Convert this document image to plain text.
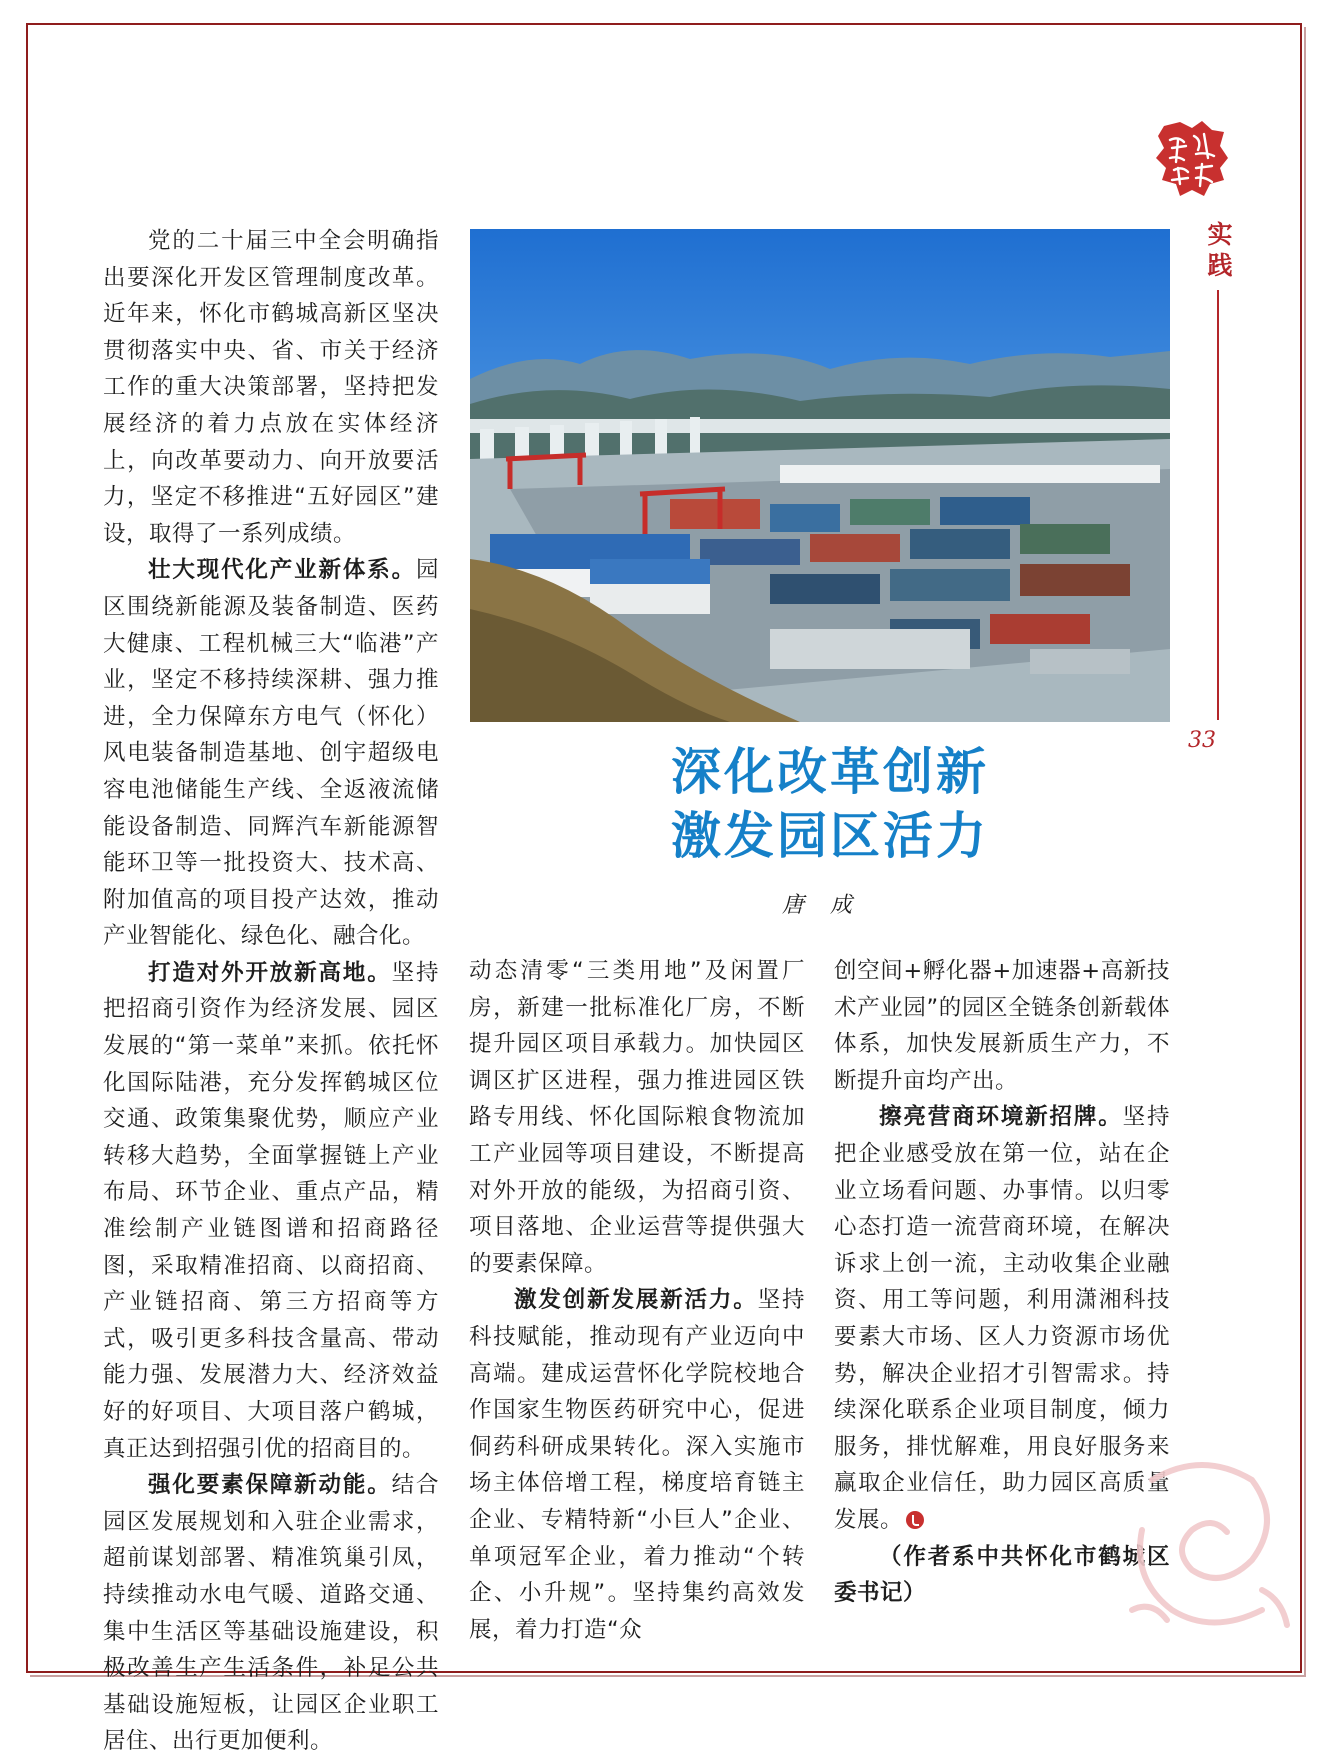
实践
33
深化改革创新
激发园区活力
唐成

党的二十届三中全会明确指出要深化开发区管理制度改革。近年来，怀化市鹤城高新区坚决贯彻落实中央、省、市关于经济工作的重大决策部署，坚持把发展经济的着力点放在实体经济上，向改革要动力、向开放要活力，坚定不移推进“五好园区”建设，取得了一系列成绩。

壮大现代化产业新体系。园区围绕新能源及装备制造、医药大健康、工程机械三大“临港”产业，坚定不移持续深耕、强力推进，全力保障东方电气（怀化）风电装备制造基地、创宇超级电容电池储能生产线、全返液流储能设备制造、同辉汽车新能源智能环卫等一批投资大、技术高、附加值高的项目投产达效，推动产业智能化、绿色化、融合化。

打造对外开放新高地。坚持把招商引资作为经济发展、园区发展的“第一菜单”来抓。依托怀化国际陆港，充分发挥鹤城区位交通、政策集聚优势，顺应产业转移大趋势，全面掌握链上产业布局、环节企业、重点产品，精准绘制产业链图谱和招商路径图，采取精准招商、以商招商、产业链招商、第三方招商等方式，吸引更多科技含量高、带动能力强、发展潜力大、经济效益好的好项目、大项目落户鹤城，真正达到招强引优的招商目的。

强化要素保障新动能。结合园区发展规划和入驻企业需求，超前谋划部署、精准筑巢引凤，持续推动水电气暖、道路交通、集中生活区等基础设施建设，积极改善生产生活条件，补足公共基础设施短板，让园区企业职工居住、出行更加便利。

动态清零“三类用地”及闲置厂房，新建一批标准化厂房，不断提升园区项目承载力。加快园区调区扩区进程，强力推进园区铁路专用线、怀化国际粮食物流加工产业园等项目建设，不断提高对外开放的能级，为招商引资、项目落地、企业运营等提供强大的要素保障。

激发创新发展新活力。坚持科技赋能，推动现有产业迈向中高端。建成运营怀化学院校地合作国家生物医药研究中心，促进侗药科研成果转化。深入实施市场主体倍增工程，梯度培育链主企业、专精特新“小巨人”企业、单项冠军企业，着力推动“个转企、小升规”。坚持集约高效发展，着力打造“众

创空间+孵化器+加速器+高新技术产业园”的园区全链条创新载体体系，加快发展新质生产力，不断提升亩均产出。

擦亮营商环境新招牌。坚持把企业感受放在第一位，站在企业立场看问题、办事情。以归零心态打造一流营商环境，在解决诉求上创一流，主动收集企业融资、用工等问题，利用潇湘科技要素大市场、区人力资源市场优势，解决企业招才引智需求。持续深化联系企业项目制度，倾力服务，排忧解难，用良好服务来赢取企业信任，助力园区高质量发展。

（作者系中共怀化市鹤城区委书记）
